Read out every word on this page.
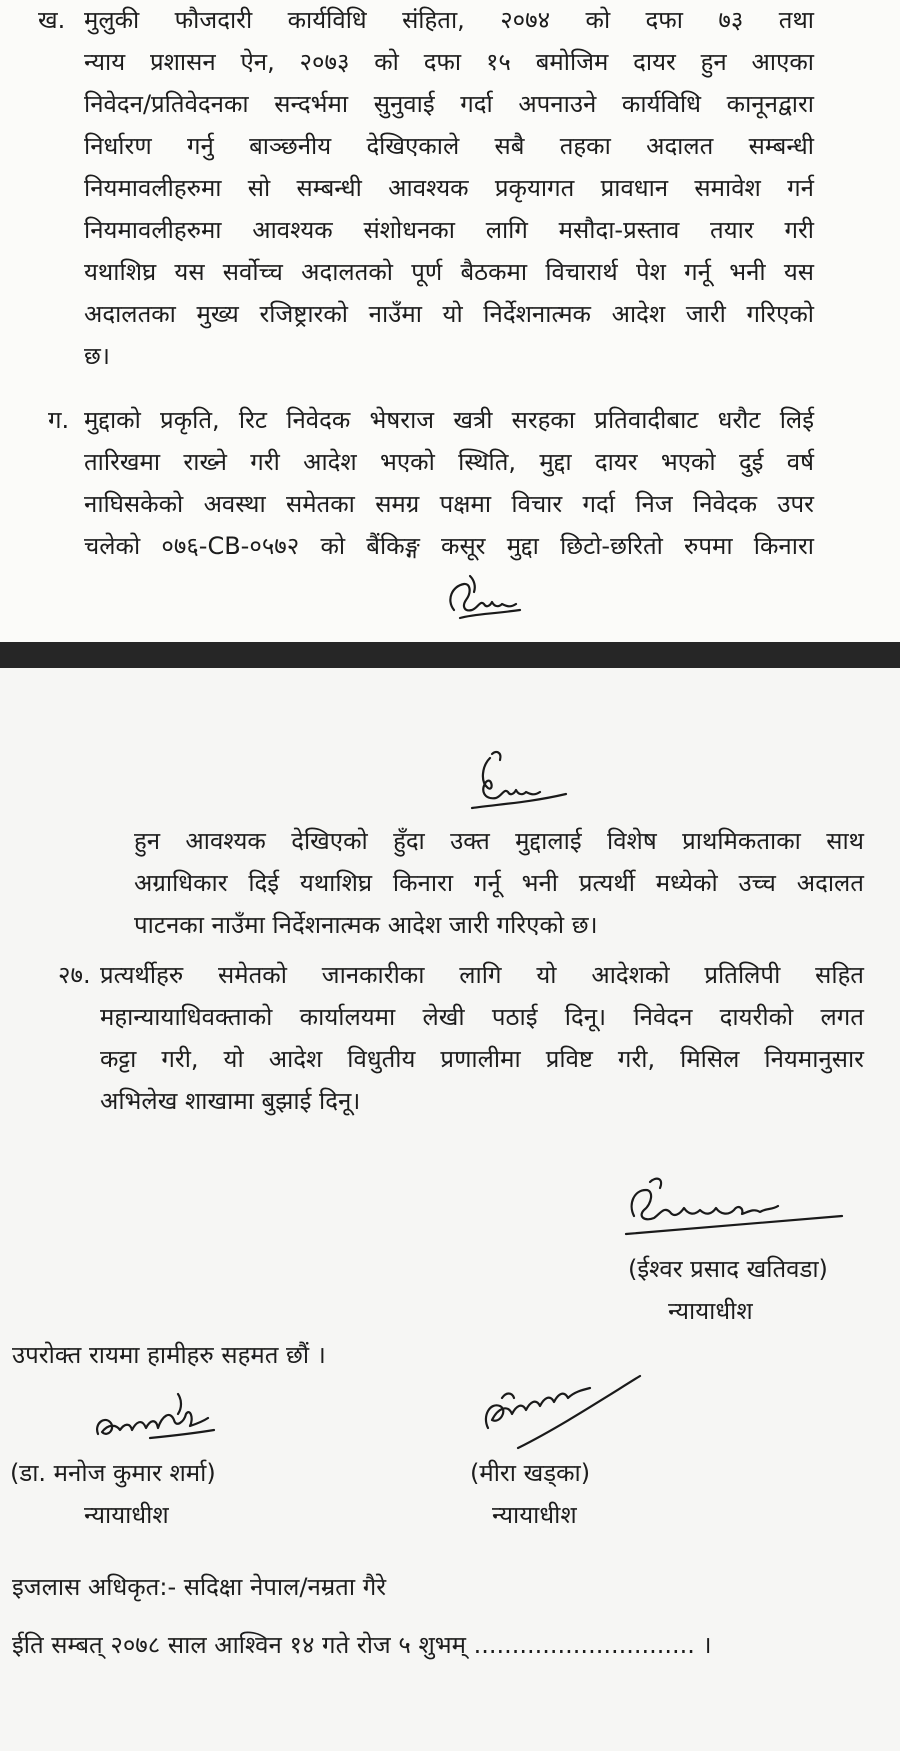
ख. मुलुकी फौजदारी कार्यविधि संहिता, २०७४ को दफा ७३ तथा

न्याय प्रशासन ऐन, २०७३ को दफा १५ बमोजिम दायर हुन आएका

निवेदन/प्रतिवेदनका सन्दर्भमा सुनुवाई गर्दा अपनाउने कार्यविधि कानूनद्वारा

निर्धारण गर्नु बाञ्छनीय देखिएकाले सबै तहका अदालत सम्बन्धी

नियमावलीहरुमा सो सम्बन्धी आवश्यक प्रकृयागत प्रावधान समावेश गर्न

नियमावलीहरुमा आवश्यक संशोधनका लागि मसौदा-प्रस्ताव तयार गरी

यथाशिघ्र यस सर्वोच्च अदालतको पूर्ण बैठकमा विचारार्थ पेश गर्नू भनी यस

अदालतका मुख्य रजिष्ट्रारको नाउँमा यो निर्देशनात्मक आदेश जारी गरिएको

छ।

ग. मुद्दाको प्रकृति, रिट निवेदक भेषराज खत्री सरहका प्रतिवादीबाट धरौट लिई

तारिखमा राख्ने गरी आदेश भएको स्थिति, मुद्दा दायर भएको दुई वर्ष

नाघिसकेको अवस्था समेतका समग्र पक्षमा विचार गर्दा निज निवेदक उपर

चलेको ०७६-CB-०५७२ को बैंकिङ्ग कसूर मुद्दा छिटो-छरितो रुपमा किनारा

हुन आवश्यक देखिएको हुँदा उक्त मुद्दालाई विशेष प्राथमिकताका साथ

अग्राधिकार दिई यथाशिघ्र किनारा गर्नू भनी प्रत्यर्थी मध्येको उच्च अदालत

पाटनका नाउँमा निर्देशनात्मक आदेश जारी गरिएको छ।

२७. प्रत्यर्थीहरु समेतको जानकारीका लागि यो आदेशको प्रतिलिपी सहित

महान्यायाधिवक्ताको कार्यालयमा लेखी पठाई दिनू। निवेदन दायरीको लगत

कट्टा गरी, यो आदेश विधुतीय प्रणालीमा प्रविष्ट गरी, मिसिल नियमानुसार

अभिलेख शाखामा बुझाई दिनू।

(ईश्वर प्रसाद खतिवडा)

न्यायाधीश

उपरोक्त रायमा हामीहरु सहमत छौं ।

(डा. मनोज कुमार शर्मा)

न्यायाधीश

(मीरा खड्का)

न्यायाधीश

इजलास अधिकृत:- सदिक्षा नेपाल/नम्रता गैरे

ईति सम्बत् २०७८ साल आश्विन १४ गते रोज ५ शुभम् ............................. ।
